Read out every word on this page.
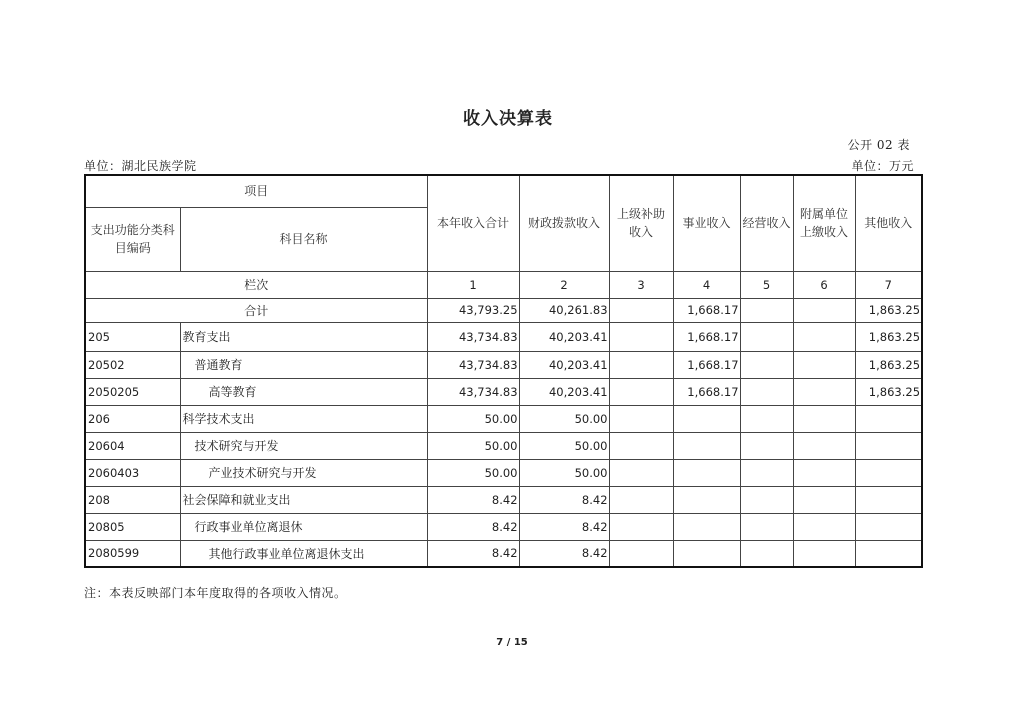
收入决算表
公开 02 表
单位：湖北民族学院	单位：万元
项目		本年收入合计	财政拨款收入	上级补助收入	事业收入	经营收入	附属单位上缴收入	其他收入
支出功能分类科目编码	科目名称							
栏次		1	2	3	4	5	6	7
合计		43,793.25	40,261.83		1,668.17			1,863.25
205	教育支出	43,734.83	40,203.41		1,668.17			1,863.25
20502	普通教育	43,734.83	40,203.41		1,668.17			1,863.25
2050205	高等教育	43,734.83	40,203.41		1,668.17			1,863.25
206	科学技术支出	50.00	50.00					
20604	技术研究与开发	50.00	50.00					
2060403	产业技术研究与开发	50.00	50.00					
208	社会保障和就业支出	8.42	8.42					
20805	行政事业单位离退休	8.42	8.42					
2080599	其他行政事业单位离退休支出	8.42	8.42					
注：本表反映部门本年度取得的各项收入情况。
7 / 15
